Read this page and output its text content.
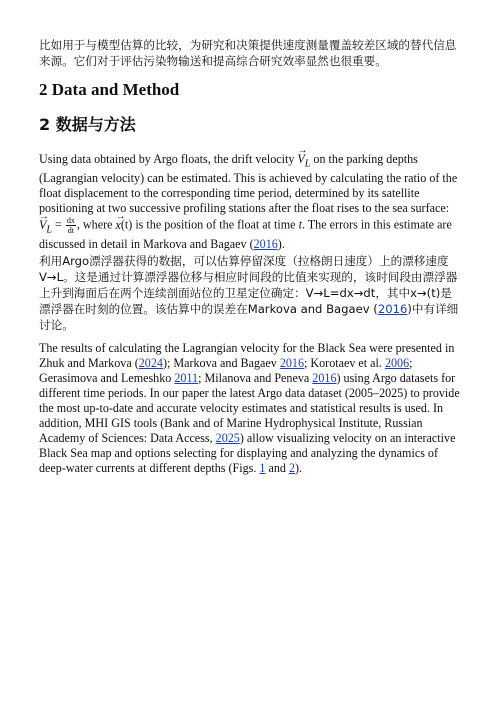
比如用于与模型估算的比较，为研究和决策提供速度测量覆盖较差区域的替代信息来源。它们对于评估污染物输送和提高综合研究效率显然也很重要。

2 Data and Method
2 数据与方法

Using data obtained by Argo floats, the drift velocity → $V_L$ on the parking depths (Lagrangian velocity) can be estimated. This is achieved by calculating the ratio of the float displacement to the corresponding time period, determined by its satellite positioning at two successive profiling stations after the float rises to the sea surface: → $V_L = \frac{dx}{dt}$ , where → x(t) is the position of the float at time t. The errors in this estimate are discussed in detail in Markova and Bagaev (2016).

利用Argo漂浮器获得的数据，可以估算停留深度（拉格朗日速度）上的漂移速度V→L。这是通过计算漂浮器位移与相应时间段的比值来实现的，该时间段由漂浮器上升到海面后在两个连续剖面站位的卫星定位确定：V→L=dx→dt，其中x→(t)是漂浮器在时刻的位置。该估算中的误差在Markova and Bagaev (2016)中有详细讨论。

The results of calculating the Lagrangian velocity for the Black Sea were presented in Zhuk and Markova (2024); Markova and Bagaev 2016; Korotaev et al. 2006; Gerasimova and Lemeshko 2011; Milanova and Peneva 2016) using Argo datasets for different time periods. In our paper the latest Argo data dataset (2005–2025) to provide the most up-to-date and accurate velocity estimates and statistical results is used. In addition, MHI GIS tools (Bank and of Marine Hydrophysical Institute, Russian Academy of Sciences: Data Access, 2025) allow visualizing velocity on an interactive Black Sea map and options selecting for displaying and analyzing the dynamics of deep-water currents at different depths (Figs. 1 and 2).
